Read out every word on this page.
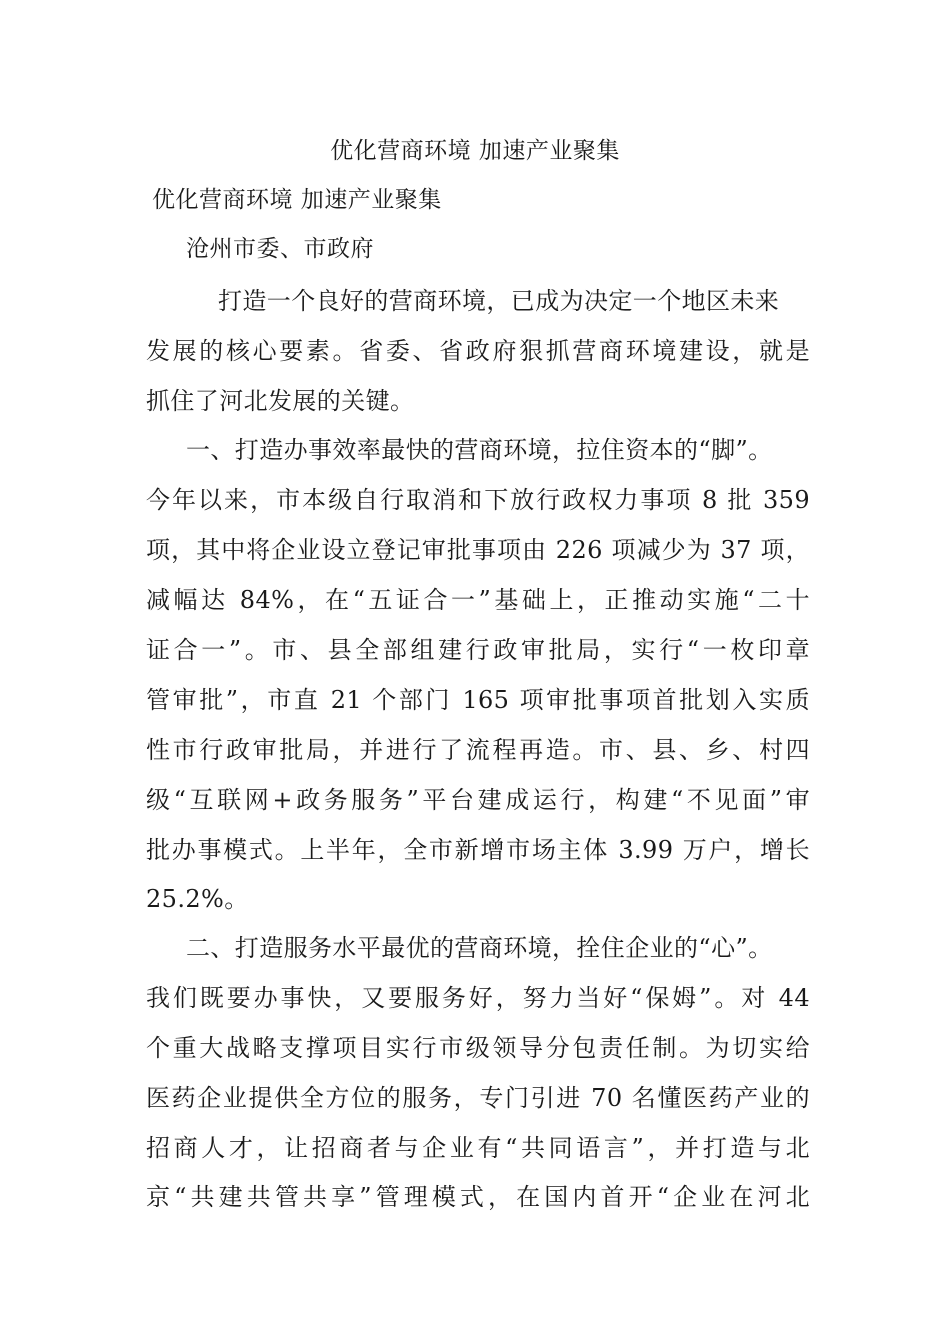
优化营商环境 加速产业聚集
优化营商环境 加速产业聚集
沧州市委、市政府
打造一个良好的营商环境，已成为决定一个地区未来
发展的核心要素。省委、省政府狠抓营商环境建设，就是
抓住了河北发展的关键。
一、打造办事效率最快的营商环境，拉住资本的“脚”。
今年以来，市本级自行取消和下放行政权力事项 8 批 359
项，其中将企业设立登记审批事项由 226 项减少为 37 项，
减幅达 84%，在“五证合一”基础上，正推动实施“二十
证合一”。市、县全部组建行政审批局，实行“一枚印章
管审批”，市直 21 个部门 165 项审批事项首批划入实质
性市行政审批局，并进行了流程再造。市、县、乡、村四
级“互联网+政务服务”平台建成运行，构建“不见面”审
批办事模式。上半年，全市新增市场主体 3.99 万户，增长
25.2%。
二、打造服务水平最优的营商环境，拴住企业的“心”。
我们既要办事快，又要服务好，努力当好“保姆”。对 44
个重大战略支撑项目实行市级领导分包责任制。为切实给
医药企业提供全方位的服务，专门引进 70 名懂医药产业的
招商人才，让招商者与企业有“共同语言”，并打造与北
京“共建共管共享”管理模式，在国内首开“企业在河北
